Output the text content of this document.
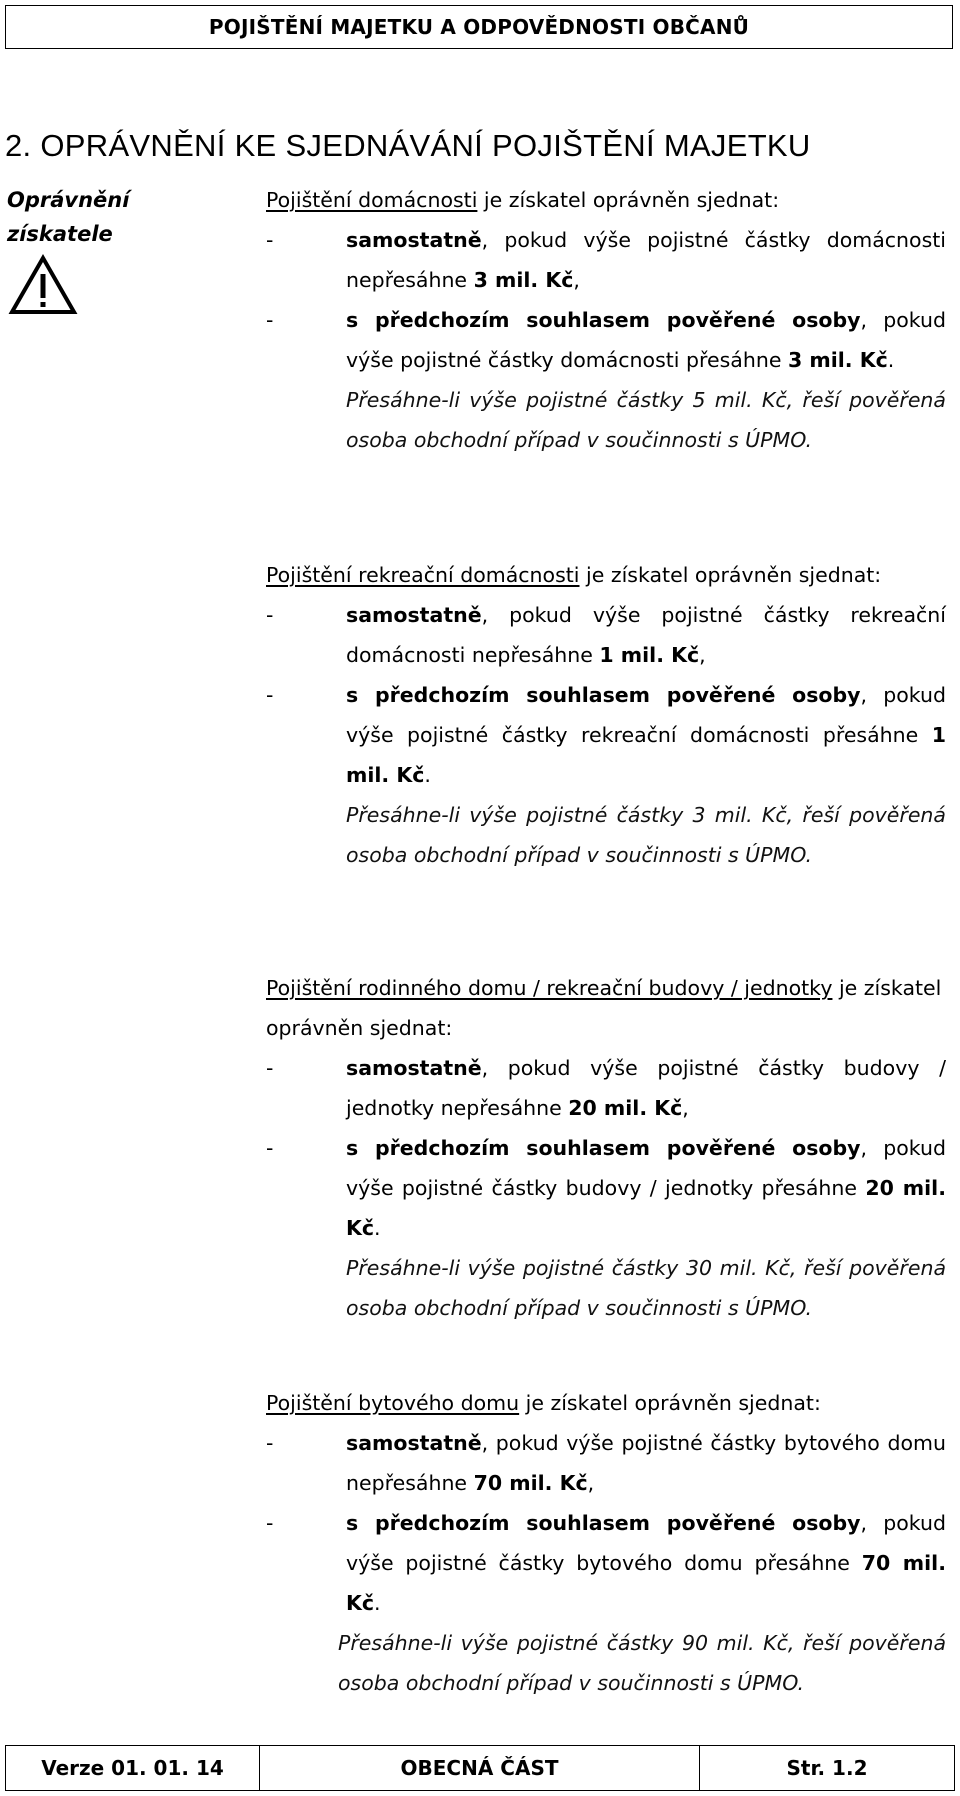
POJIŠTĚNÍ MAJETKU A ODPOVĚDNOSTI OBČANŮ
2. OPRÁVNĚNÍ KE SJEDNÁVÁNÍ POJIŠTĚNÍ MAJETKU
Oprávnění
získatele
Pojištění domácnosti je získatel oprávněn sjednat:
-	samostatně, pokud výše pojistné částky domácnosti nepřesáhne 3 mil. Kč,
-	s předchozím souhlasem pověřené osoby, pokud výše pojistné částky domácnosti přesáhne 3 mil. Kč.
Přesáhne-li výše pojistné částky 5 mil. Kč, řeší pověřená osoba obchodní případ v součinnosti s ÚPMO.
Pojištění rekreační domácnosti je získatel oprávněn sjednat:
-	samostatně, pokud výše pojistné částky rekreační domácnosti nepřesáhne 1 mil. Kč,
-	s předchozím souhlasem pověřené osoby, pokud výše pojistné částky rekreační domácnosti přesáhne 1 mil. Kč.
Přesáhne-li výše pojistné částky 3 mil. Kč, řeší pověřená osoba obchodní případ v součinnosti s ÚPMO.
Pojištění rodinného domu / rekreační budovy / jednotky je získatel oprávněn sjednat:
-	samostatně, pokud výše pojistné částky budovy / jednotky nepřesáhne 20 mil. Kč,
-	s předchozím souhlasem pověřené osoby, pokud výše pojistné částky budovy / jednotky přesáhne 20 mil. Kč.
Přesáhne-li výše pojistné částky 30 mil. Kč, řeší pověřená osoba obchodní případ v součinnosti s ÚPMO.
Pojištění bytového domu je získatel oprávněn sjednat:
-	samostatně, pokud výše pojistné částky bytového domu nepřesáhne 70 mil. Kč,
-	s předchozím souhlasem pověřené osoby, pokud výše pojistné částky bytového domu přesáhne 70 mil. Kč.
Přesáhne-li výše pojistné částky 90 mil. Kč, řeší pověřená osoba obchodní případ v součinnosti s ÚPMO.
Verze 01. 01. 14	OBECNÁ ČÁST	Str. 1.2
